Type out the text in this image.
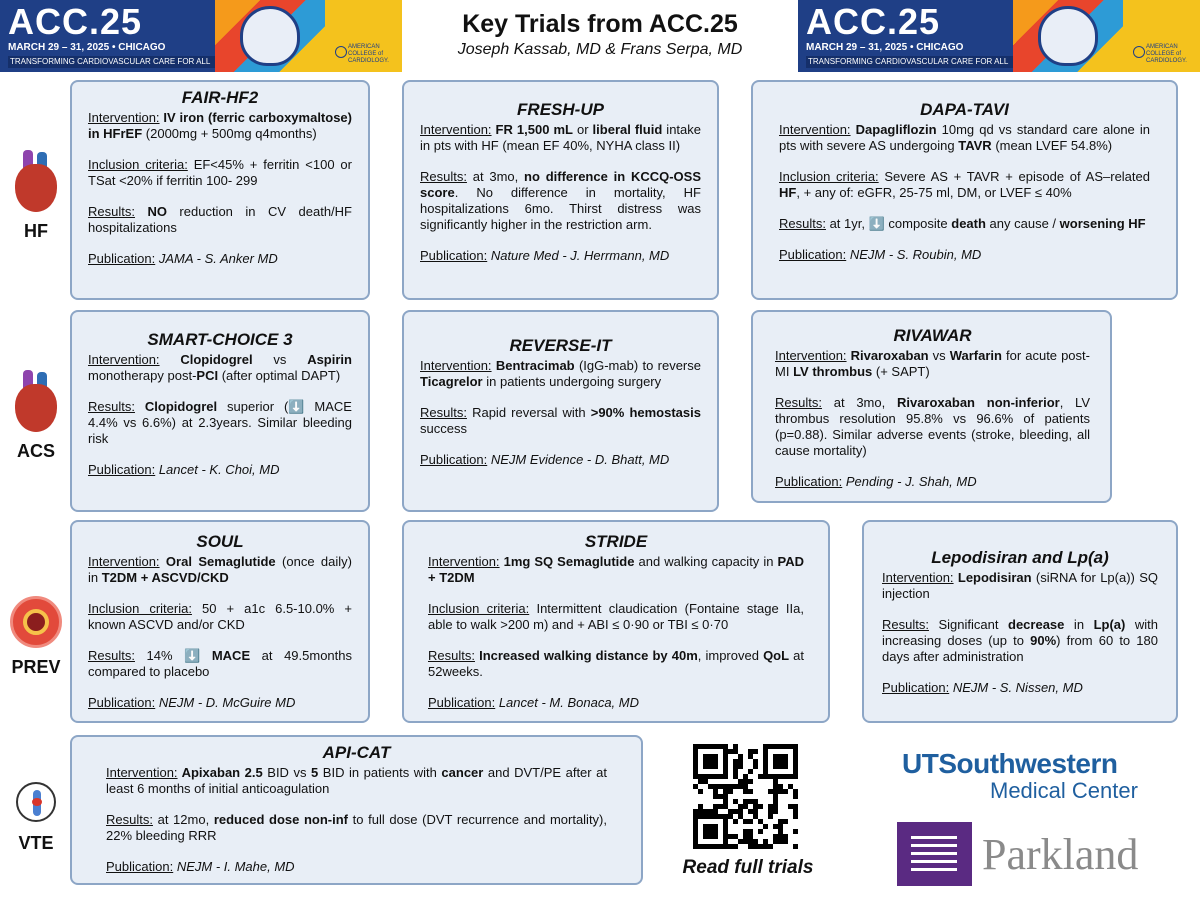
ACC.25
MARCH 29 – 31, 2025 • CHICAGO
TRANSFORMING CARDIOVASCULAR CARE FOR ALL
AMERICAN COLLEGE of CARDIOLOGY.
ACC.25
MARCH 29 – 31, 2025 • CHICAGO
TRANSFORMING CARDIOVASCULAR CARE FOR ALL
AMERICAN COLLEGE of CARDIOLOGY.
Key Trials from ACC.25
Joseph Kassab, MD & Frans Serpa, MD
HF
ACS
PREV
VTE
FAIR-HF2

Intervention: IV iron (ferric carboxymaltose) in HFrEF (2000mg + 500mg q4months)

Inclusion criteria: EF<45% + ferritin <100 or TSat <20% if ferritin 100- 299

Results: NO reduction in CV death/HF hospitalizations

Publication: JAMA - S. Anker MD

FRESH-UP

Intervention: FR 1,500 mL or liberal fluid intake in pts with HF (mean EF 40%, NYHA class II)

Results: at 3mo, no difference in KCCQ-OSS score. No difference in mortality, HF hospitalizations 6mo. Thirst distress was significantly higher in the restriction arm.

Publication: Nature Med - J. Herrmann, MD

DAPA-TAVI

Intervention: Dapagliflozin 10mg qd vs standard care alone in pts with severe AS undergoing TAVR (mean LVEF 54.8%)

Inclusion criteria: Severe AS + TAVR + episode of AS–related HF, + any of: eGFR, 25-75 ml, DM, or LVEF ≤ 40%

Results: at 1yr, ⬇️ composite death any cause / worsening HF

Publication: NEJM - S. Roubin, MD

SMART-CHOICE 3

Intervention: Clopidogrel vs Aspirin monotherapy post-PCI (after optimal DAPT)

Results: Clopidogrel superior (⬇️ MACE 4.4% vs 6.6%) at 2.3years. Similar bleeding risk

Publication: Lancet - K. Choi, MD

REVERSE-IT

Intervention: Bentracimab (IgG-mab) to reverse Ticagrelor in patients undergoing surgery

Results: Rapid reversal with >90% hemostasis success

Publication: NEJM Evidence - D. Bhatt, MD

RIVAWAR

Intervention: Rivaroxaban vs Warfarin for acute post-MI LV thrombus (+ SAPT)

Results: at 3mo, Rivaroxaban non-inferior, LV thrombus resolution 95.8% vs 96.6% of patients (p=0.88). Similar adverse events (stroke, bleeding, all cause mortality)

Publication: Pending - J. Shah, MD

SOUL

Intervention: Oral Semaglutide (once daily) in T2DM + ASCVD/CKD

Inclusion criteria: 50 + a1c 6.5-10.0% + known ASCVD and/or CKD

Results: 14% ⬇️ MACE at 49.5months compared to placebo

Publication: NEJM - D. McGuire MD

STRIDE

Intervention: 1mg SQ Semaglutide and walking capacity in PAD + T2DM

Inclusion criteria: Intermittent claudication (Fontaine stage IIa, able to walk >200 m) and + ABI ≤ 0·90 or TBI ≤ 0·70

Results: Increased walking distance by 40m, improved QoL at 52weeks.

Publication: Lancet - M. Bonaca, MD

Lepodisiran and Lp(a)

Intervention: Lepodisiran (siRNA for Lp(a)) SQ injection

Results: Significant decrease in Lp(a) with increasing doses (up to 90%) from 60 to 180 days after administration

Publication: NEJM - S. Nissen, MD

API-CAT

Intervention: Apixaban 2.5 BID vs 5 BID in patients with cancer and DVT/PE after at least 6 months of initial anticoagulation

Results: at 12mo, reduced dose non-inf to full dose (DVT recurrence and mortality), 22% bleeding RRR

Publication: NEJM - I. Mahe, MD	Read full trials
UTSouthwestern
Medical Center
Parkland
